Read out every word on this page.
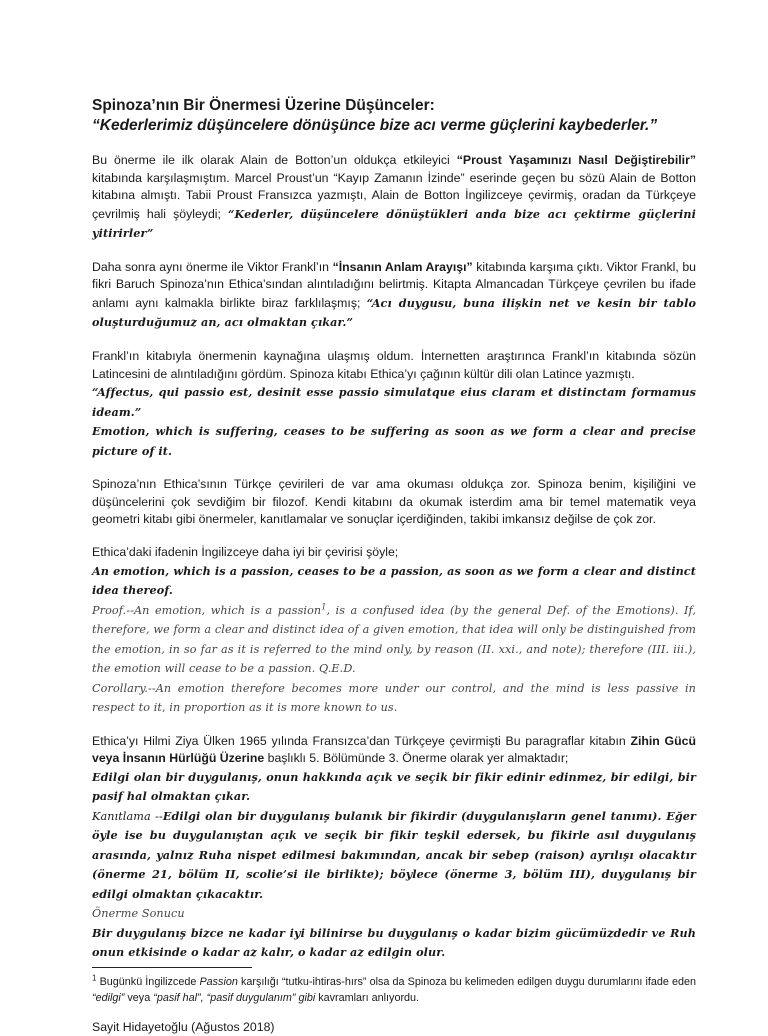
Spinoza’nın Bir Önermesi Üzerine Düşünceler:
“Kederlerimiz düşüncelere dönüşünce bize acı verme güçlerini kaybederler.”

Bu önerme ile ilk olarak Alain de Botton’un oldukça etkileyici “Proust Yaşamınızı Nasıl Değiştirebilir” kitabında karşılaşmıştım. Marcel Proust’un “Kayıp Zamanın İzinde” eserinde geçen bu sözü Alain de Botton kitabına almıştı. Tabii Proust Fransızca yazmıştı, Alain de Botton İngilizceye çevirmiş, oradan da Türkçeye çevrilmiş hali şöyleydi; “Kederler, düşüncelere dönüştükleri anda bize acı çektirme güçlerini yitirirler”

Daha sonra aynı önerme ile Viktor Frankl’ın “İnsanın Anlam Arayışı” kitabında karşıma çıktı. Viktor Frankl, bu fikri Baruch Spinoza’nın Ethica’sından alıntıladığını belirtmiş. Kitapta Almancadan Türkçeye çevrilen bu ifade anlamı aynı kalmakla birlikte biraz farklılaşmış; “Acı duygusu, buna ilişkin net ve kesin bir tablo oluşturduğumuz an, acı olmaktan çıkar.”

Frankl’ın kitabıyla önermenin kaynağına ulaşmış oldum. İnternetten araştırınca Frankl’ın kitabında sözün Latincesini de alıntıladığını gördüm. Spinoza kitabı Ethica’yı çağının kültür dili olan Latince yazmıştı.

“Affectus, qui passio est, desinit esse passio simulatque eius claram et distinctam formamus ideam.”

Emotion, which is suffering, ceases to be suffering as soon as we form a clear and precise picture of it.

Spinoza’nın Ethica’sının Türkçe çevirileri de var ama okuması oldukça zor. Spinoza benim, kişiliğini ve düşüncelerini çok sevdiğim bir filozof. Kendi kitabını da okumak isterdim ama bir temel matematik veya geometri kitabı gibi önermeler, kanıtlamalar ve sonuçlar içerdiğinden, takibi imkansız değilse de çok zor.

Ethica’daki ifadenin İngilizceye daha iyi bir çevirisi şöyle;

An emotion, which is a passion, ceases to be a passion, as soon as we form a clear and distinct idea thereof.

Proof.--An emotion, which is a passion$^1$, is a confused idea (by the general Def. of the Emotions). If, therefore, we form a clear and distinct idea of a given emotion, that idea will only be distinguished from the emotion, in so far as it is referred to the mind only, by reason (II. xxi., and note); therefore (III. iii.), the emotion will cease to be a passion. Q.E.D.

Corollary.--An emotion therefore becomes more under our control, and the mind is less passive in respect to it, in proportion as it is more known to us.

Ethica’yı Hilmi Ziya Ülken 1965 yılında Fransızca’dan Türkçeye çevirmişti Bu paragraflar kitabın Zihin Gücü veya İnsanın Hürlüğü Üzerine başlıklı 5. Bölümünde 3. Önerme olarak yer almaktadır;

Edilgi olan bir duygulanış, onun hakkında açık ve seçik bir fikir edinir edinmez, bir edilgi, bir pasif hal olmaktan çıkar.

Kanıtlama --Edilgi olan bir duygulanış bulanık bir fikirdir (duygulanışların genel tanımı). Eğer öyle ise bu duygulanıştan açık ve seçik bir fikir teşkil edersek, bu fikirle asıl duygulanış arasında, yalnız Ruha nispet edilmesi bakımından, ancak bir sebep (raison) ayrılışı olacaktır (önerme 21, bölüm II, scolie’si ile birlikte); böylece (önerme 3, bölüm III), duygulanış bir edilgi olmaktan çıkacaktır.

Önerme Sonucu

Bir duygulanış bizce ne kadar iyi bilinirse bu duygulanış o kadar bizim gücümüzdedir ve Ruh onun etkisinde o kadar az kalır, o kadar az edilgin olur.

$^1$ Bugünkü İngilizcede Passion karşılığı “tutku-ihtiras-hırs” olsa da Spinoza bu kelimeden edilgen duygu durumlarını ifade eden “edilgi” veya “pasif hal”, “pasif duygulanım” gibi kavramları anlıyordu.

Sayit Hidayetoğlu (Ağustos 2018)
